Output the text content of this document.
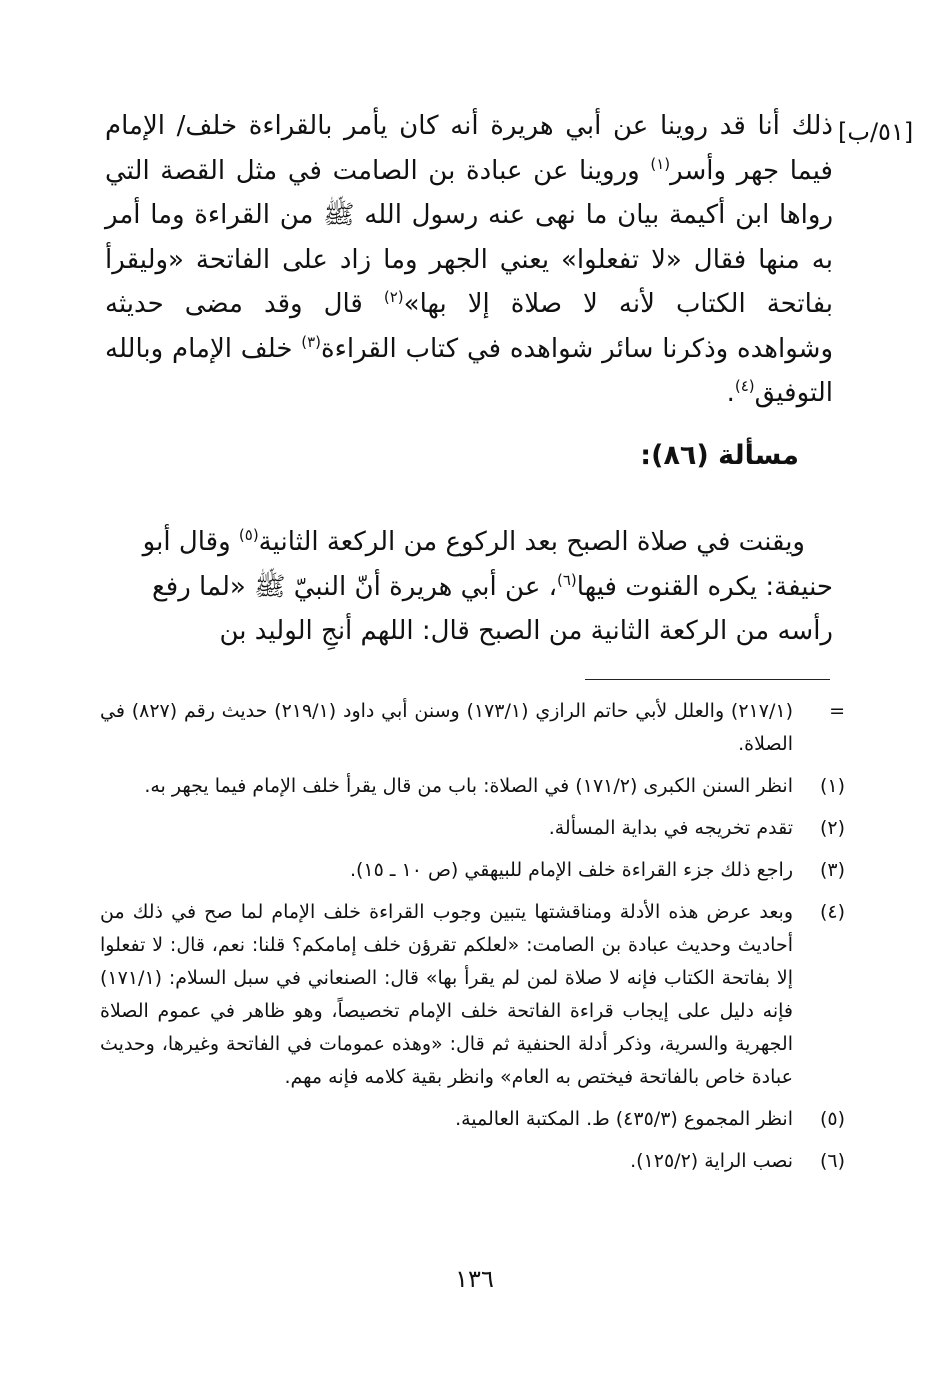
[٥١/ب]

ذلك أنا قد روينا عن أبي هريرة أنه كان يأمر بالقراءة خلف/ الإمام
فيما جهر وأسر$^{(١)}$ وروينا عن عبادة بن الصامت في مثل القصة التي
رواها ابن أكيمة بيان ما نهى عنه رسول الله ﷺ من القراءة وما أمر
به منها فقال «لا تفعلوا» يعني الجهر وما زاد على الفاتحة «وليقرأ
بفاتحة الكتاب لأنه لا صلاة إلا بها»$^{(٢)}$ قال وقد مضى حديثه
وشواهده وذكرنا سائر شواهده في كتاب القراءة$^{(٣)}$ خلف الإمام وبالله
التوفيق$^{(٤)}$.

مسألة (٨٦):

ويقنت في صلاة الصبح بعد الركوع من الركعة الثانية$^{(٥)}$ وقال أبو حنيفة: يكره القنوت فيها$^{(٦)}$، عن أبي هريرة أنّ النبيّ ﷺ «لما رفع رأسه من الركعة الثانية من الصبح قال: اللهم أنجِ الوليد بن

=
(٢١٧/١) والعلل لأبي حاتم الرازي (١٧٣/١) وسنن أبي داود (٢١٩/١) حديث رقم (٨٢٧) في الصلاة.
(١)
انظر السنن الكبرى (١٧١/٢) في الصلاة: باب من قال يقرأ خلف الإمام فيما يجهر به.
(٢)
تقدم تخريجه في بداية المسألة.
(٣)
راجع ذلك جزء القراءة خلف الإمام للبيهقي (ص ١٠ ـ ١٥).
(٤)
وبعد عرض هذه الأدلة ومناقشتها يتبين وجوب القراءة خلف الإمام لما صح في ذلك من أحاديث وحديث عبادة بن الصامت: «لعلكم تقرؤن خلف إمامكم؟ قلنا: نعم، قال: لا تفعلوا إلا بفاتحة الكتاب فإنه لا صلاة لمن لم يقرأ بها» قال: الصنعاني في سبل السلام: (١٧١/١) فإنه دليل على إيجاب قراءة الفاتحة خلف الإمام تخصيصاً، وهو ظاهر في عموم الصلاة الجهرية والسرية، وذكر أدلة الحنفية ثم قال: «وهذه عمومات في الفاتحة وغيرها، وحديث عبادة خاص بالفاتحة فيختص به العام» وانظر بقية كلامه فإنه مهم.
(٥)
انظر المجموع (٤٣٥/٣) ط. المكتبة العالمية.
(٦)
نصب الراية (١٢٥/٢).
١٣٦
